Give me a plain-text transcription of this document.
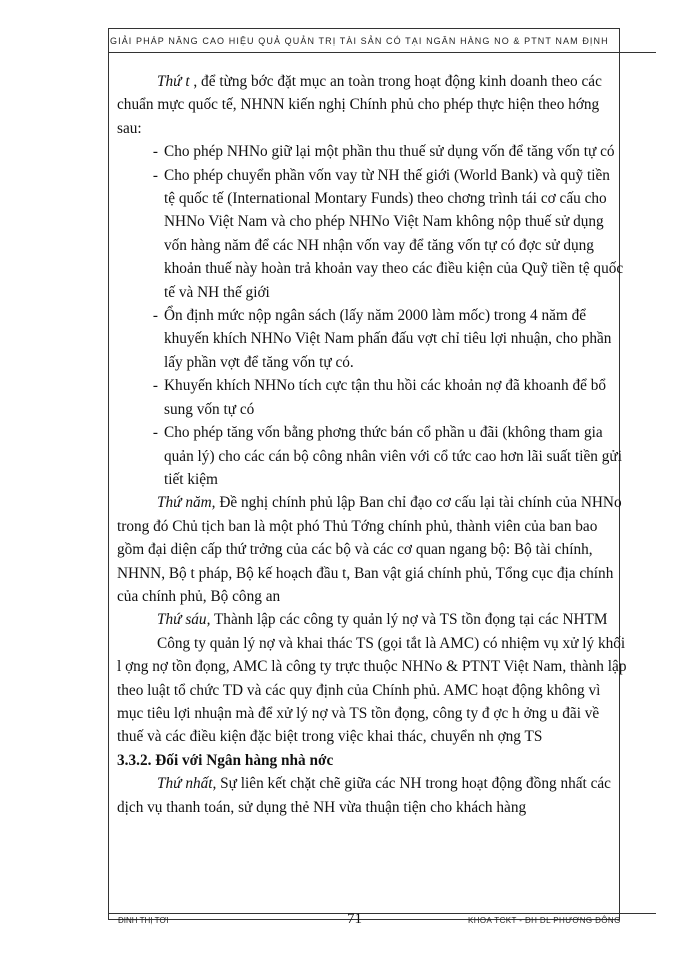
GIẢI PHÁP NÂNG CAO HIỆU QUẢ QUẢN TRỊ TÀI SẢN CÓ TẠI NGÂN HÀNG NO & PTNT NAM ĐỊNH

Thứ t , để từng bớc đặt mục an toàn trong hoạt động kinh doanh theo các chuẩn mực quốc tế, NHNN kiến nghị Chính phủ cho phép thực hiện theo hớng sau:

- Cho phép NHNo giữ lại một phần thu thuế sử dụng vốn để tăng vốn tự có
- Cho phép chuyển phần vốn vay từ NH thế giới (World Bank) và quỹ tiền tệ quốc tế (International Montary Funds) theo chơng trình tái cơ cấu cho NHNo Việt Nam và cho phép NHNo Việt Nam không nộp thuế sử dụng vốn hàng năm để các NH nhận vốn vay để tăng vốn tự có đợc sử dụng khoản thuế này hoàn trả khoản vay theo các điều kiện của Quỹ tiền tệ quốc tế và NH thế giới
- Ổn định mức nộp ngân sách (lấy năm 2000 làm mốc) trong 4 năm để khuyến khích NHNo Việt Nam phấn đấu vợt chỉ tiêu lợi nhuận, cho phần lấy phần vợt để tăng vốn tự có.
- Khuyến khích NHNo tích cực tận thu hồi các khoản nợ đã khoanh để bổ sung vốn tự có
- Cho phép tăng vốn bằng phơng thức bán cổ phần u đãi (không tham gia quản lý) cho các cán bộ công nhân viên với cổ tức cao hơn lãi suất tiền gửi tiết kiệm

Thứ năm, Đề nghị chính phủ lập Ban chỉ đạo cơ cấu lại tài chính của NHNo trong đó Chủ tịch ban là một phó Thủ Tớng chính phủ, thành viên của ban bao gồm đại diện cấp thứ trởng của các bộ và các cơ quan ngang bộ: Bộ tài chính, NHNN, Bộ t pháp, Bộ kế hoạch đầu t, Ban vật giá chính phủ, Tổng cục địa chính của chính phủ, Bộ công an

Thứ sáu, Thành lập các công ty quản lý nợ và TS tồn đọng tại các NHTM

Công ty quản lý nợ và khai thác TS (gọi tắt là AMC) có nhiệm vụ xử lý khối l ợng nợ tồn đọng, AMC là công ty trực thuộc NHNo & PTNT Việt Nam, thành lập theo luật tổ chức TD và các quy định của Chính phủ. AMC hoạt động không vì mục tiêu lợi nhuận mà để xử lý nợ và TS tồn đọng, công ty đ ợc h ởng u đãi về thuế và các điều kiện đặc biệt trong việc khai thác, chuyển nh ợng TS

3.3.2. Đối với Ngân hàng nhà nớc

Thứ nhất, Sự liên kết chặt chẽ giữa các NH trong hoạt động đồng nhất các dịch vụ thanh toán, sử dụng thẻ NH vừa thuận tiện cho khách hàng

ĐINH THỊ TƠI	71	KHOA TCKT - ĐH DL PHƯƠNG ĐÔNG
